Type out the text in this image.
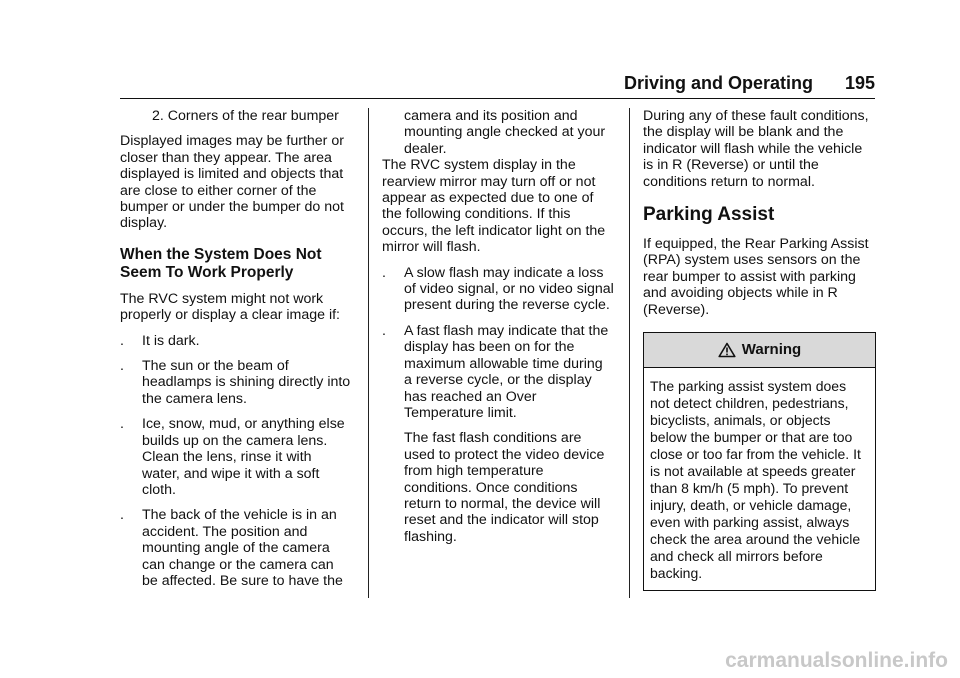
Driving and Operating 195
2. Corners of the rear bumper

Displayed images may be further or closer than they appear. The area displayed is limited and objects that are close to either corner of the bumper or under the bumper do not display.

When the System Does Not Seem To Work Properly

The RVC system might not work properly or display a clear image if:

. It is dark.
. The sun or the beam of headlamps is shining directly into the camera lens.
. Ice, snow, mud, or anything else builds up on the camera lens. Clean the lens, rinse it with water, and wipe it with a soft cloth.
. The back of the vehicle is in an accident. The position and mounting angle of the camera can change or the camera can be affected. Be sure to have the

camera and its position and mounting angle checked at your dealer.

The RVC system display in the rearview mirror may turn off or not appear as expected due to one of the following conditions. If this occurs, the left indicator light on the mirror will flash.

. A slow flash may indicate a loss of video signal, or no video signal present during the reverse cycle.
. A fast flash may indicate that the display has been on for the maximum allowable time during a reverse cycle, or the display has reached an Over Temperature limit.

The fast flash conditions are used to protect the video device from high temperature conditions. Once conditions return to normal, the device will reset and the indicator will stop flashing.

During any of these fault conditions, the display will be blank and the indicator will flash while the vehicle is in R (Reverse) or until the conditions return to normal.

Parking Assist

If equipped, the Rear Parking Assist (RPA) system uses sensors on the rear bumper to assist with parking and avoiding objects while in R (Reverse).

Warning
The parking assist system does not detect children, pedestrians, bicyclists, animals, or objects below the bumper or that are too close or too far from the vehicle. It is not available at speeds greater than 8 km/h (5 mph). To prevent injury, death, or vehicle damage, even with parking assist, always check the area around the vehicle and check all mirrors before backing.
carmanualsonline.info
